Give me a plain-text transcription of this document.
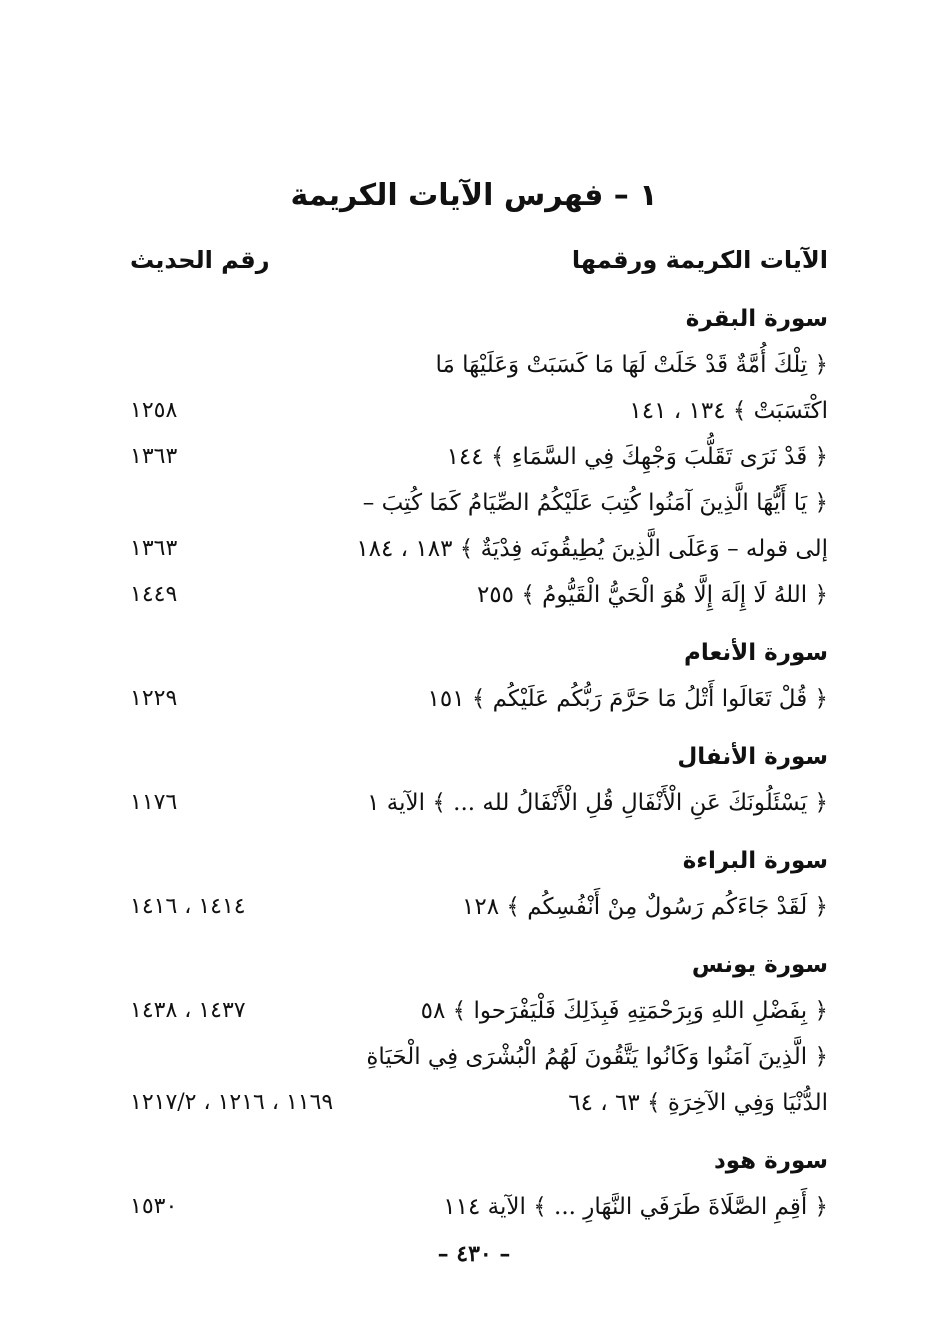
١ – فهرس الآيات الكريمة
الآيات الكريمة ورقمها
رقم الحديث
سورة البقرة
﴿ تِلْكَ أُمَّةٌ قَدْ خَلَتْ لَهَا مَا كَسَبَتْ وَعَلَيْهَا مَا
اكْتَسَبَتْ ﴾ ١٣٤ ، ١٤١
١٢٥٨
﴿ قَدْ نَرَى تَقَلُّبَ وَجْهِكَ فِي السَّمَاءِ ﴾ ١٤٤
١٣٦٣
﴿ يَا أَيُّهَا الَّذِينَ آمَنُوا كُتِبَ عَلَيْكُمُ الصِّيَامُ كَمَا كُتِبَ –
إلى قوله – وَعَلَى الَّذِينَ يُطِيقُونَه فِدْيَةٌ ﴾ ١٨٣ ، ١٨٤
١٣٦٣
﴿ اللهُ لَا إِلَهَ إِلَّا هُوَ الْحَيُّ الْقَيُّومُ ﴾ ٢٥٥
١٤٤٩
سورة الأنعام
﴿ قُلْ تَعَالَوا أَتْلُ مَا حَرَّمَ رَبُّكُم عَلَيْكُم ﴾ ١٥١
١٢٢٩
سورة الأنفال
﴿ يَسْئَلُونَكَ عَنِ الْأَنْفَالِ قُلِ الْأَنْفَالُ لله ... ﴾ الآية ١
١١٧٦
سورة البراءة
﴿ لَقَدْ جَاءَكُم رَسُولٌ مِنْ أَنْفُسِكُم ﴾ ١٢٨
١٤١٤ ، ١٤١٦
سورة يونس
﴿ بِفَضْلِ اللهِ وَبِرَحْمَتِهِ فَبِذَلِكَ فَلْيَفْرَحوا ﴾ ٥٨
١٤٣٧ ، ١٤٣٨
﴿ الَّذِينَ آمَنُوا وَكَانُوا يَتَّقُونَ لَهُمُ الْبُشْرَى فِي الْحَيَاةِ
الدُّنْيَا وَفِي الآخِرَةِ ﴾ ٦٣ ، ٦٤
١١٦٩ ، ١٢١٦ ، ١٢١٧/٢
سورة هود
﴿ أَقِمِ الصَّلَاةَ طَرَفَي النَّهَارِ ... ﴾ الآية ١١٤
١٥٣٠
– ٤٣٠ –
